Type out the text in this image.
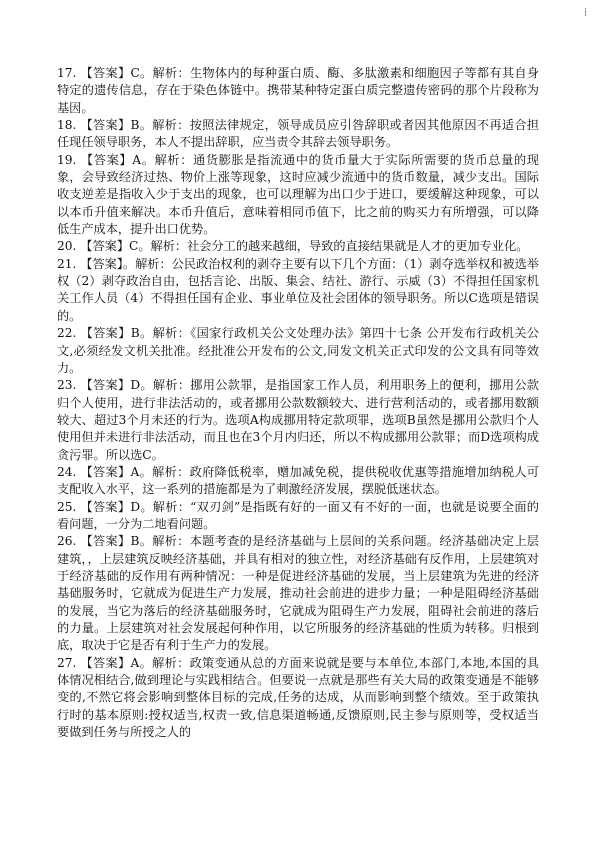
i

17. 【答案】C。解析：生物体内的每种蛋白质、酶、多肽激素和细胞因子等都有其自身特定的遗传信息，存在于染色体链中。携带某种特定蛋白质完整遗传密码的那个片段称为基因。

18. 【答案】B。解析：按照法律规定，领导成员应引咎辞职或者因其他原因不再适合担任现任领导职务，本人不提出辞职，应当责令其辞去领导职务。

19. 【答案】A。解析：通货膨胀是指流通中的货币量大于实际所需要的货币总量的现象，会导致经济过热、物价上涨等现象，这时应减少流通中的货币数量，减少支出。国际收支逆差是指收入少于支出的现象，也可以理解为出口少于进口，要缓解这种现象，可以以本币升值来解决。本币升值后，意味着相同币值下，比之前的购买力有所增强，可以降低生产成本，提升出口优势。

20. 【答案】C。解析：社会分工的越来越细，导致的直接结果就是人才的更加专业化。

21. 【答案】。解析：公民政治权利的剥夺主要有以下几个方面：（1）剥夺选举权和被选举权（2）剥夺政治自由，包括言论、出版、集会、结社、游行、示威（3）不得担任国家机关工作人员（4）不得担任国有企业、事业单位及社会团体的领导职务。所以C选项是错误的。

22. 【答案】B。解析：《国家行政机关公文处理办法》第四十七条 公开发布行政机关公文,必须经发文机关批准。经批准公开发布的公文,同发文机关正式印发的公文具有同等效力。

23. 【答案】D。解析：挪用公款罪，是指国家工作人员，利用职务上的便利，挪用公款归个人使用，进行非法活动的，或者挪用公款数额较大、进行营利活动的，或者挪用数额较大、超过3个月未还的行为。选项A构成挪用特定款项罪，选项B虽然是挪用公款归个人使用但并未进行非法活动，而且也在3个月内归还，所以不构成挪用公款罪；而D选项构成贪污罪。所以选C。

24. 【答案】A。解析：政府降低税率，赠加减免税，提供税收优惠等措施增加纳税人可支配收入水平，这一系列的措施都是为了刺激经济发展，摆脱低迷状态。

25. 【答案】D。解析：“双刃剑”是指既有好的一面又有不好的一面，也就是说要全面的看问题，一分为二地看问题。

26. 【答案】B。解析：本题考查的是经济基础与上层间的关系问题。经济基础决定上层建筑，，上层建筑反映经济基础，并具有相对的独立性，对经济基础有反作用，上层建筑对于经济基础的反作用有两种情况：一种是促进经济基础的发展，当上层建筑为先进的经济基础服务时，它就成为促进生产力发展，推动社会前进的进步力量；一种是阻碍经济基础的发展，当它为落后的经济基础服务时，它就成为阻碍生产力发展，阻碍社会前进的落后的力量。上层建筑对社会发展起何种作用，以它所服务的经济基础的性质为转移。归根到底，取决于它是否有利于生产力的发展。

27. 【答案】A。解析：政策变通从总的方面来说就是要与本单位,本部门,本地,本国的具体情况相结合,做到理论与实践相结合。但要说一点就是那些有关大局的政策变通是不能够变的,不然它将会影响到整体目标的完成,任务的达成，从而影响到整个绩效。至于政策执行时的基本原则:授权适当,权责一致,信息渠道畅通,反馈原则,民主参与原则等，受权适当要做到任务与所授之人的
